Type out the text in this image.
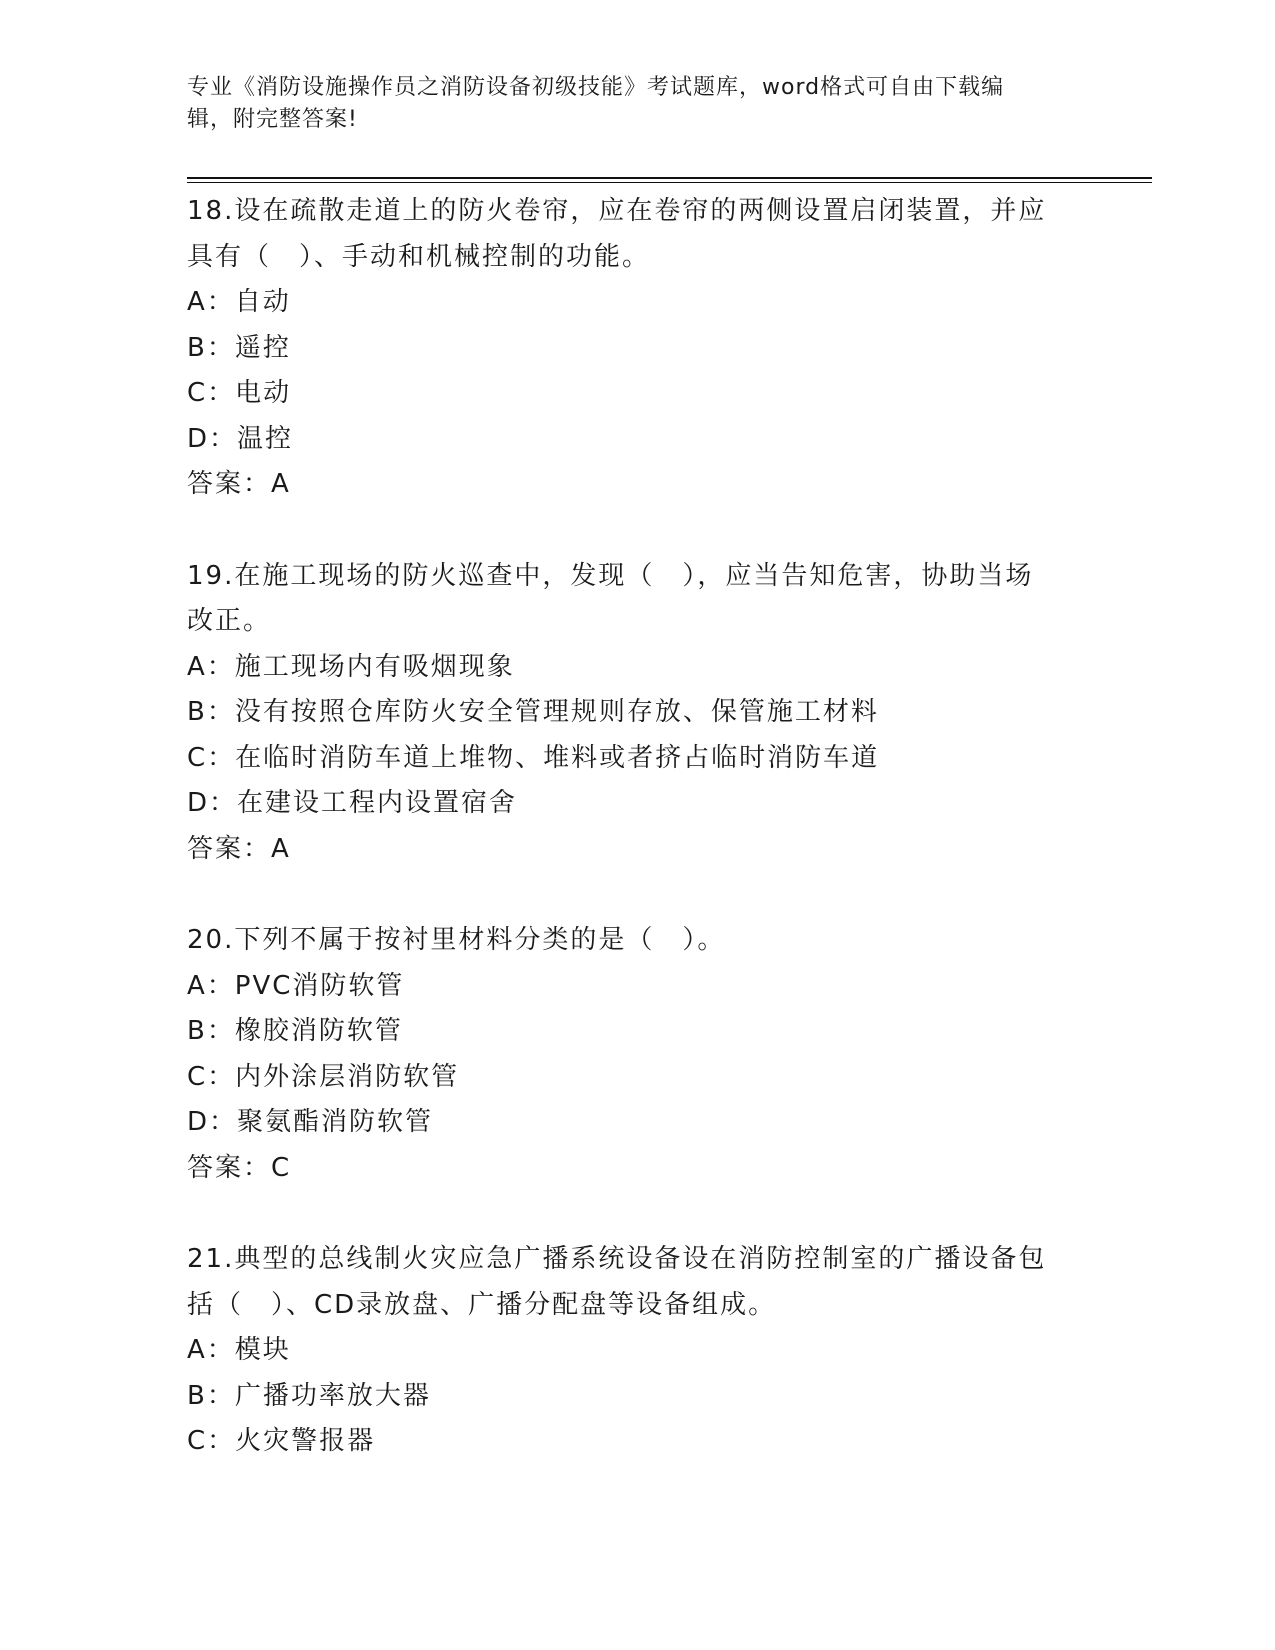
专业《消防设施操作员之消防设备初级技能》考试题库，word格式可自由下载编
辑，附完整答案!
18.设在疏散走道上的防火卷帘，应在卷帘的两侧设置启闭装置，并应
具有（　）、手动和机械控制的功能。
A：自动
B：遥控
C：电动
D：温控
答案：A
19.在施工现场的防火巡查中，发现（　），应当告知危害，协助当场
改正。
A：施工现场内有吸烟现象
B：没有按照仓库防火安全管理规则存放、保管施工材料
C：在临时消防车道上堆物、堆料或者挤占临时消防车道
D：在建设工程内设置宿舍
答案：A
20.下列不属于按衬里材料分类的是（　）。
A：PVC消防软管
B：橡胶消防软管
C：内外涂层消防软管
D：聚氨酯消防软管
答案：C
21.典型的总线制火灾应急广播系统设备设在消防控制室的广播设备包
括（　）、CD录放盘、广播分配盘等设备组成。
A：模块
B：广播功率放大器
C：火灾警报器
